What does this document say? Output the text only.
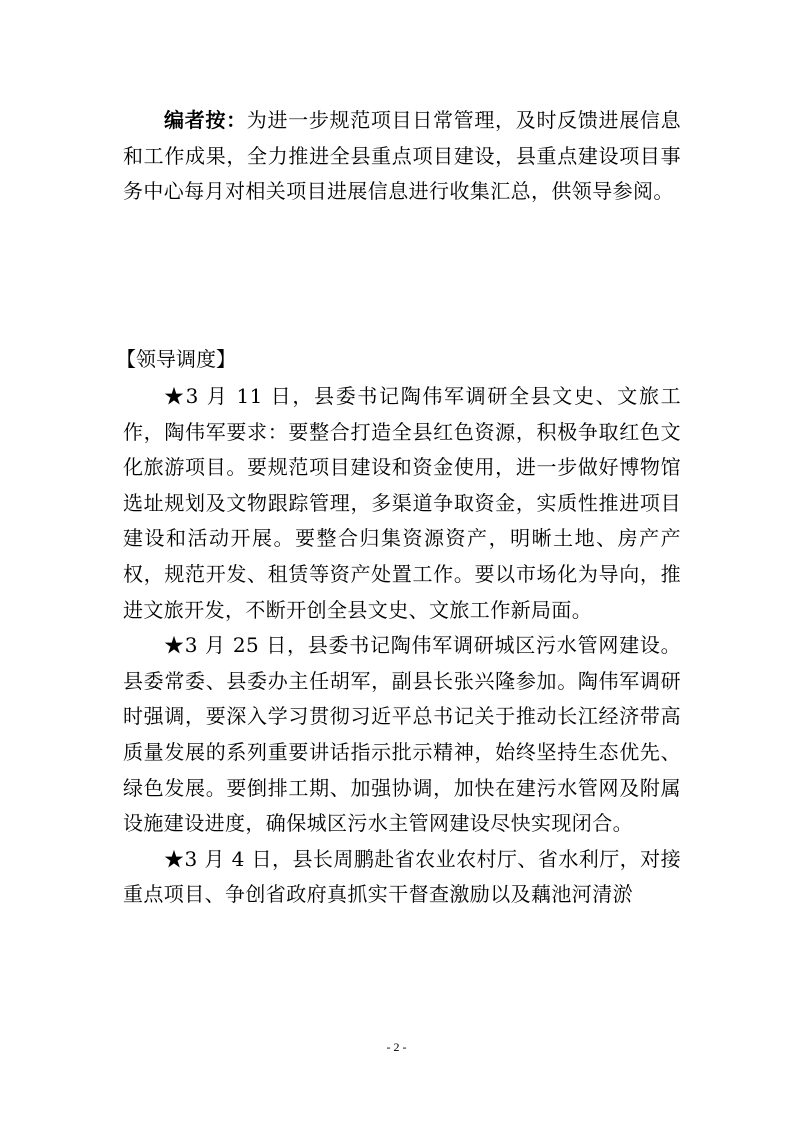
编者按：为进一步规范项目日常管理，及时反馈进展信息和工作成果，全力推进全县重点项目建设，县重点建设项目事务中心每月对相关项目进展信息进行收集汇总，供领导参阅。
【领导调度】

★3 月 11 日，县委书记陶伟军调研全县文史、文旅工作，陶伟军要求：要整合打造全县红色资源，积极争取红色文化旅游项目。要规范项目建设和资金使用，进一步做好博物馆选址规划及文物跟踪管理，多渠道争取资金，实质性推进项目建设和活动开展。要整合归集资源资产，明晰土地、房产产权，规范开发、租赁等资产处置工作。要以市场化为导向，推进文旅开发，不断开创全县文史、文旅工作新局面。

★3 月 25 日，县委书记陶伟军调研城区污水管网建设。县委常委、县委办主任胡军，副县长张兴隆参加。陶伟军调研时强调，要深入学习贯彻习近平总书记关于推动长江经济带高质量发展的系列重要讲话指示批示精神，始终坚持生态优先、绿色发展。要倒排工期、加强协调，加快在建污水管网及附属设施建设进度，确保城区污水主管网建设尽快实现闭合。

★3 月 4 日，县长周鹏赴省农业农村厅、省水利厅，对接重点项目、争创省政府真抓实干督查激励以及藕池河清淤

- 2 -
